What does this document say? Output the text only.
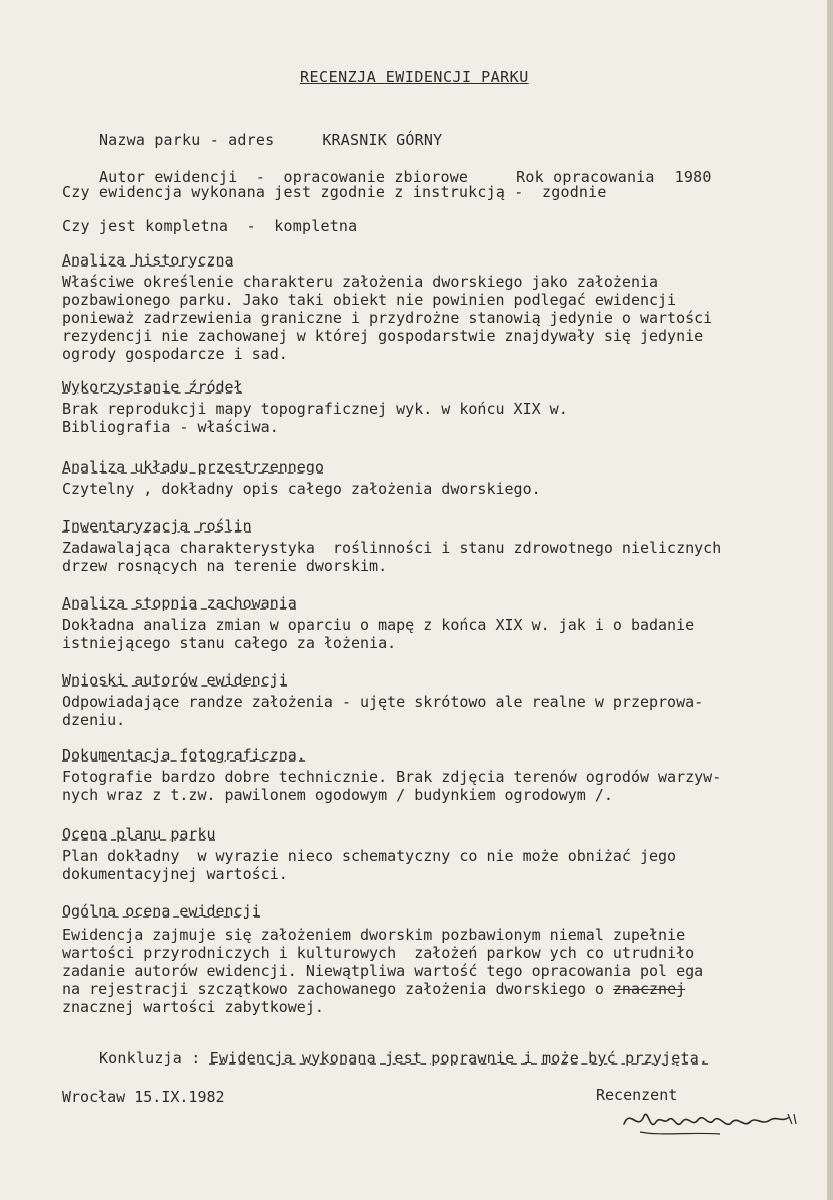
RECENZJA EWIDENCJI PARKU

Nazwa parku - adres	KRASNIK GÓRNY

Autor ewidencji  -  opracowanie zbiorowe	Rok opracowania 1980

Czy ewidencja wykonana jest zgodnie z instrukcją -  zgodnie
Czy jest kompletna  -  kompletna
Analiza historyczna
Właściwe określenie charakteru założenia dworskiego jako założenia
pozbawionego parku. Jako taki obiekt nie powinien podlegać ewidencji
ponieważ zadrzewienia graniczne i przydrożne stanowią jedynie o wartości
rezydencji nie zachowanej w której gospodarstwie znajdywały się jedynie
ogrody gospodarcze i sad.
Wykorzystanie źródeł
Brak reprodukcji mapy topograficznej wyk. w końcu XIX w.
Bibliografia - właściwa.
Analiza układu przestrzennego
Czytelny , dokładny opis całego założenia dworskiego.
Inwentaryzacja roślin
Zadawalająca charakterystyka  roślinności i stanu zdrowotnego nielicznych
drzew rosnących na terenie dworskim.
Analiza stopnia zachowania
Dokładna analiza zmian w oparciu o mapę z końca XIX w. jak i o badanie
istniejącego stanu całego za łożenia.
Wnioski autorów ewidencji
Odpowiadające randze założenia - ujęte skrótowo ale realne w przeprowa-
dzeniu.
Dokumentacja fotograficzna.
Fotografie bardzo dobre technicznie. Brak zdjęcia terenów ogrodów warzyw-
nych wraz z t.zw. pawilonem ogodowym / budynkiem ogrodowym /.
Ocena planu parku
Plan dokładny  w wyrazie nieco schematyczny co nie może obniżać jego
dokumentacyjnej wartości.
Ogólna ocena ewidencji
Ewidencja zajmuje się założeniem dworskim pozbawionym niemal zupełnie
wartości przyrodniczych i kulturowych  założeń parkow ych co utrudniło
zadanie autorów ewidencji. Niewątpliwa wartość tego opracowania pol ega
na rejestracji szczątkowo zachowanego założenia dworskiego o znacznej
znacznej wartości zabytkowej.

Konkluzja : Ewidencja wykonana jest poprawnie i może być przyjęta.

Wrocław 15.IX.1982	Recenzent
